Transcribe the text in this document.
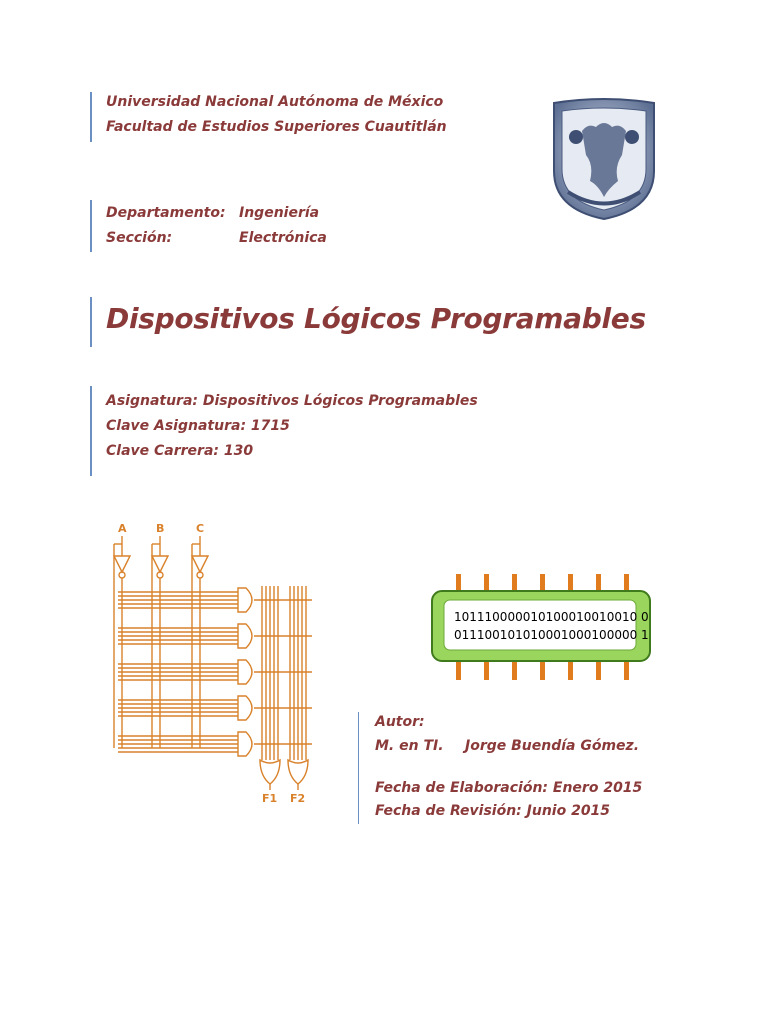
Universidad Nacional Autónoma de México
Facultad de Estudios Superiores Cuautitlán
Departamento: Ingeniería
Sección:	Electrónica
Dispositivos Lógicos Programables
Asignatura: Dispositivos Lógicos Programables
Clave Asignatura: 1715
Clave Carrera: 130
A	B	C
F1 F2
101110000010100010010010 0
011100101010001000100000 1
Autor:
M. en TI. Jorge Buendía Gómez.
Fecha de Elaboración: Enero 2015
Fecha de Revisión: Junio 2015
